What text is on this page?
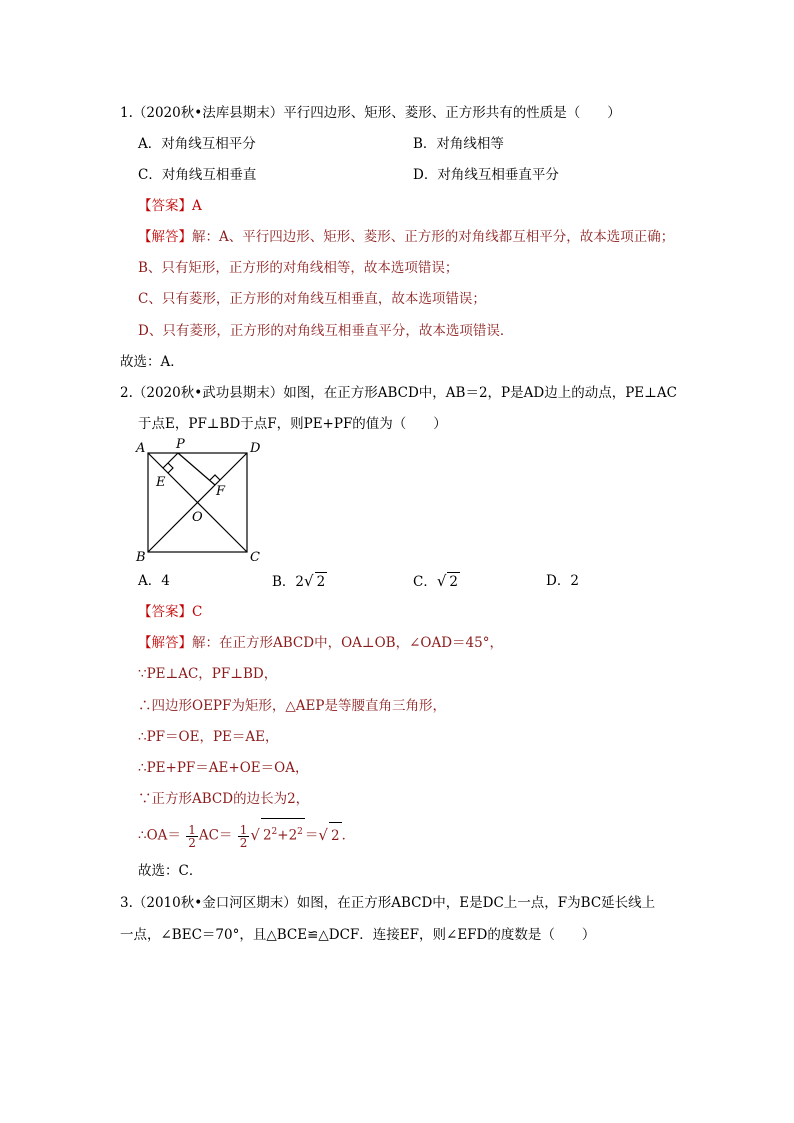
1.（2020秋•法库县期末）平行四边形、矩形、菱形、正方形共有的性质是（　　）
A．对角线互相平分	B．对角线相等
C．对角线互相垂直	D．对角线互相垂直平分
【答案】A
【解答】解：A、平行四边形、矩形、菱形、正方形的对角线都互相平分，故本选项正确；
B、只有矩形，正方形的对角线相等，故本选项错误；
C、只有菱形，正方形的对角线互相垂直，故本选项错误；
D、只有菱形，正方形的对角线互相垂直平分，故本选项错误．
故选：A．
2.（2020秋•武功县期末）如图，在正方形ABCD中，AB＝2，P是AD边上的动点，PE⊥AC
于点E，PF⊥BD于点F，则PE+PF的值为（　　）
A P	D
E
F
O
B	C
A．4	B．2√ 2	C．√ 2	D．2
【答案】C
【解答】解：在正方形ABCD中，OA⊥OB，∠OAD＝45°，
∵PE⊥AC，PF⊥BD，
∴四边形OEPF为矩形，△AEP是等腰直角三角形，
∴PF＝OE，PE＝AE，
∴PE+PF＝AE+OE＝OA，
∵正方形ABCD的边长为2，
∴OA＝ $\frac{1}{2} AC= \frac{1}{2}$ √ $2^2+2^2$ ＝√ 2 ．
故选：C．
3.（2010秋•金口河区期末）如图，在正方形ABCD中，E是DC上一点，F为BC延长线上
一点，∠BEC＝70°，且△BCE≌△DCF．连接EF，则∠EFD的度数是（　　）
